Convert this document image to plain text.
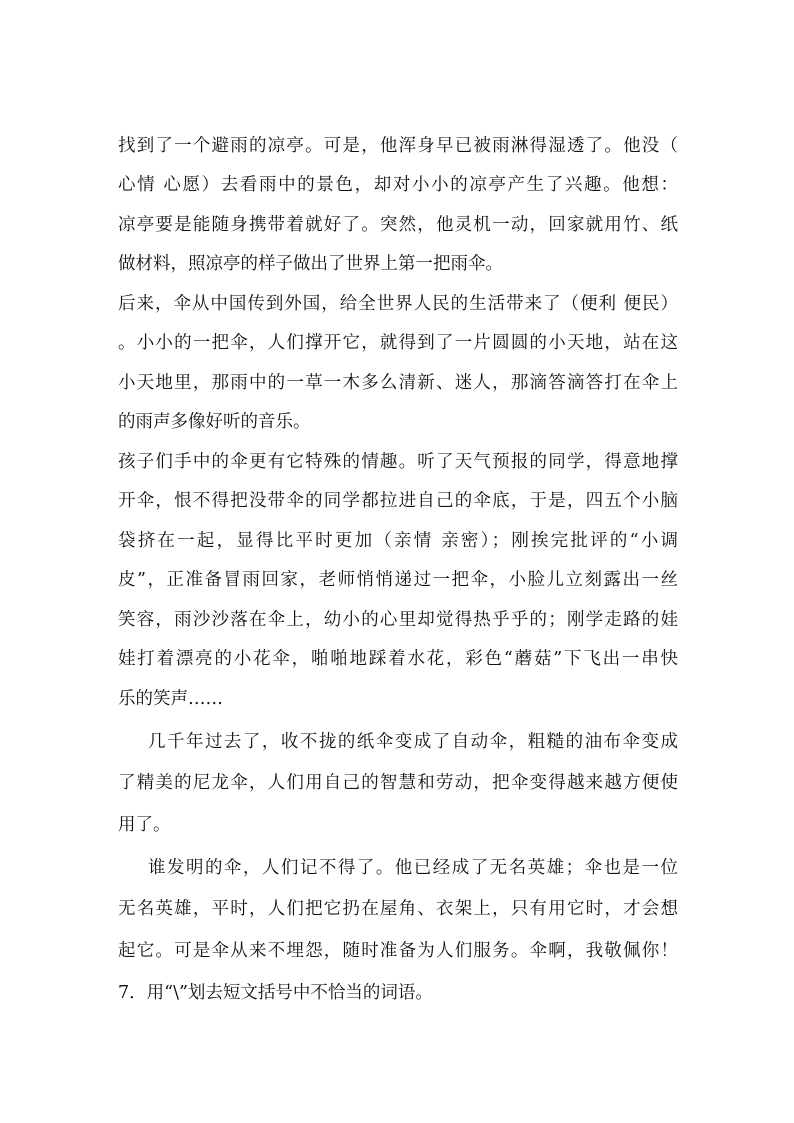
找到了一个避雨的凉亭。可是，他浑身早已被雨淋得湿透了。他没（
心情 心愿）去看雨中的景色，却对小小的凉亭产生了兴趣。他想：
凉亭要是能随身携带着就好了。突然，他灵机一动，回家就用竹、纸
做材料，照凉亭的样子做出了世界上第一把雨伞。
后来，伞从中国传到外国，给全世界人民的生活带来了（便利 便民）
。小小的一把伞，人们撑开它，就得到了一片圆圆的小天地，站在这
小天地里，那雨中的一草一木多么清新、迷人，那滴答滴答打在伞上
的雨声多像好听的音乐。
孩子们手中的伞更有它特殊的情趣。听了天气预报的同学，得意地撑
开伞，恨不得把没带伞的同学都拉进自己的伞底，于是，四五个小脑
袋挤在一起，显得比平时更加（亲情 亲密）；刚挨完批评的“小调
皮”，正准备冒雨回家，老师悄悄递过一把伞，小脸儿立刻露出一丝
笑容，雨沙沙落在伞上，幼小的心里却觉得热乎乎的；刚学走路的娃
娃打着漂亮的小花伞，啪啪地踩着水花，彩色“蘑菇”下飞出一串快
乐的笑声……
几千年过去了，收不拢的纸伞变成了自动伞，粗糙的油布伞变成
了精美的尼龙伞，人们用自己的智慧和劳动，把伞变得越来越方便使
用了。
谁发明的伞，人们记不得了。他已经成了无名英雄；伞也是一位
无名英雄，平时，人们把它扔在屋角、衣架上，只有用它时，才会想
起它。可是伞从来不埋怨，随时准备为人们服务。伞啊，我敬佩你！
7．用“\”划去短文括号中不恰当的词语。
